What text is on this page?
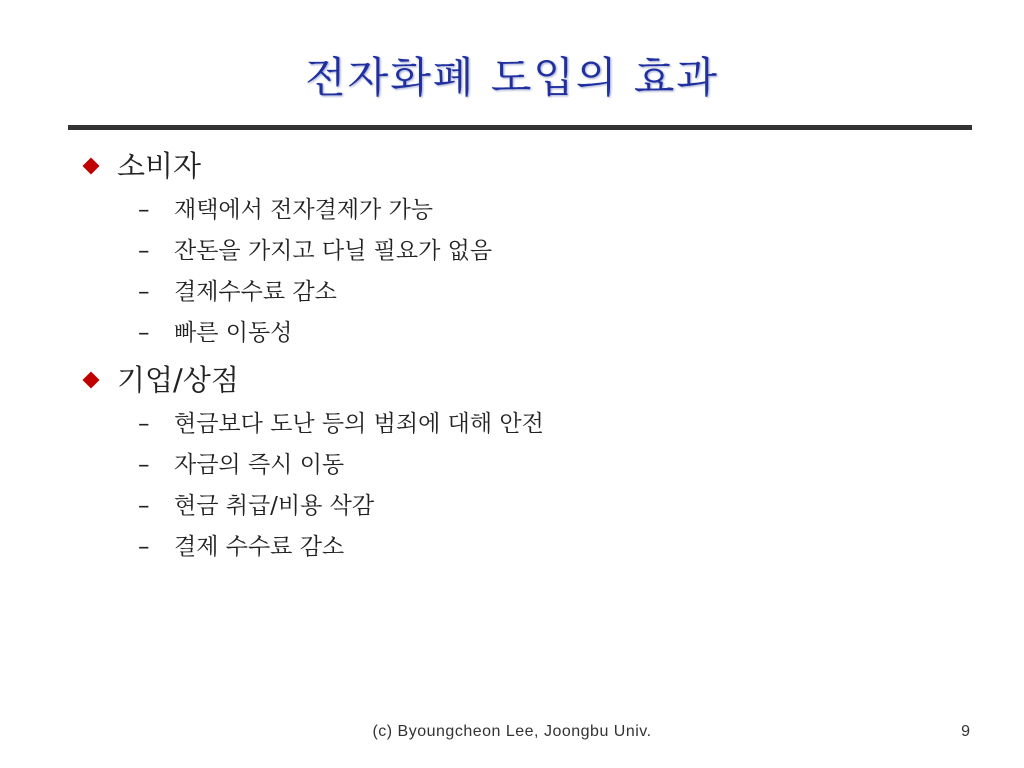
전자화폐 도입의 효과
소비자
–	재택에서 전자결제가 가능
–	잔돈을 가지고 다닐 필요가 없음
–	결제수수료 감소
–	빠른 이동성
기업/상점
–	현금보다 도난 등의 범죄에 대해 안전
–	자금의 즉시 이동
–	현금 취급/비용 삭감
–	결제 수수료 감소
(c) Byoungcheon Lee, Joongbu Univ.	9
